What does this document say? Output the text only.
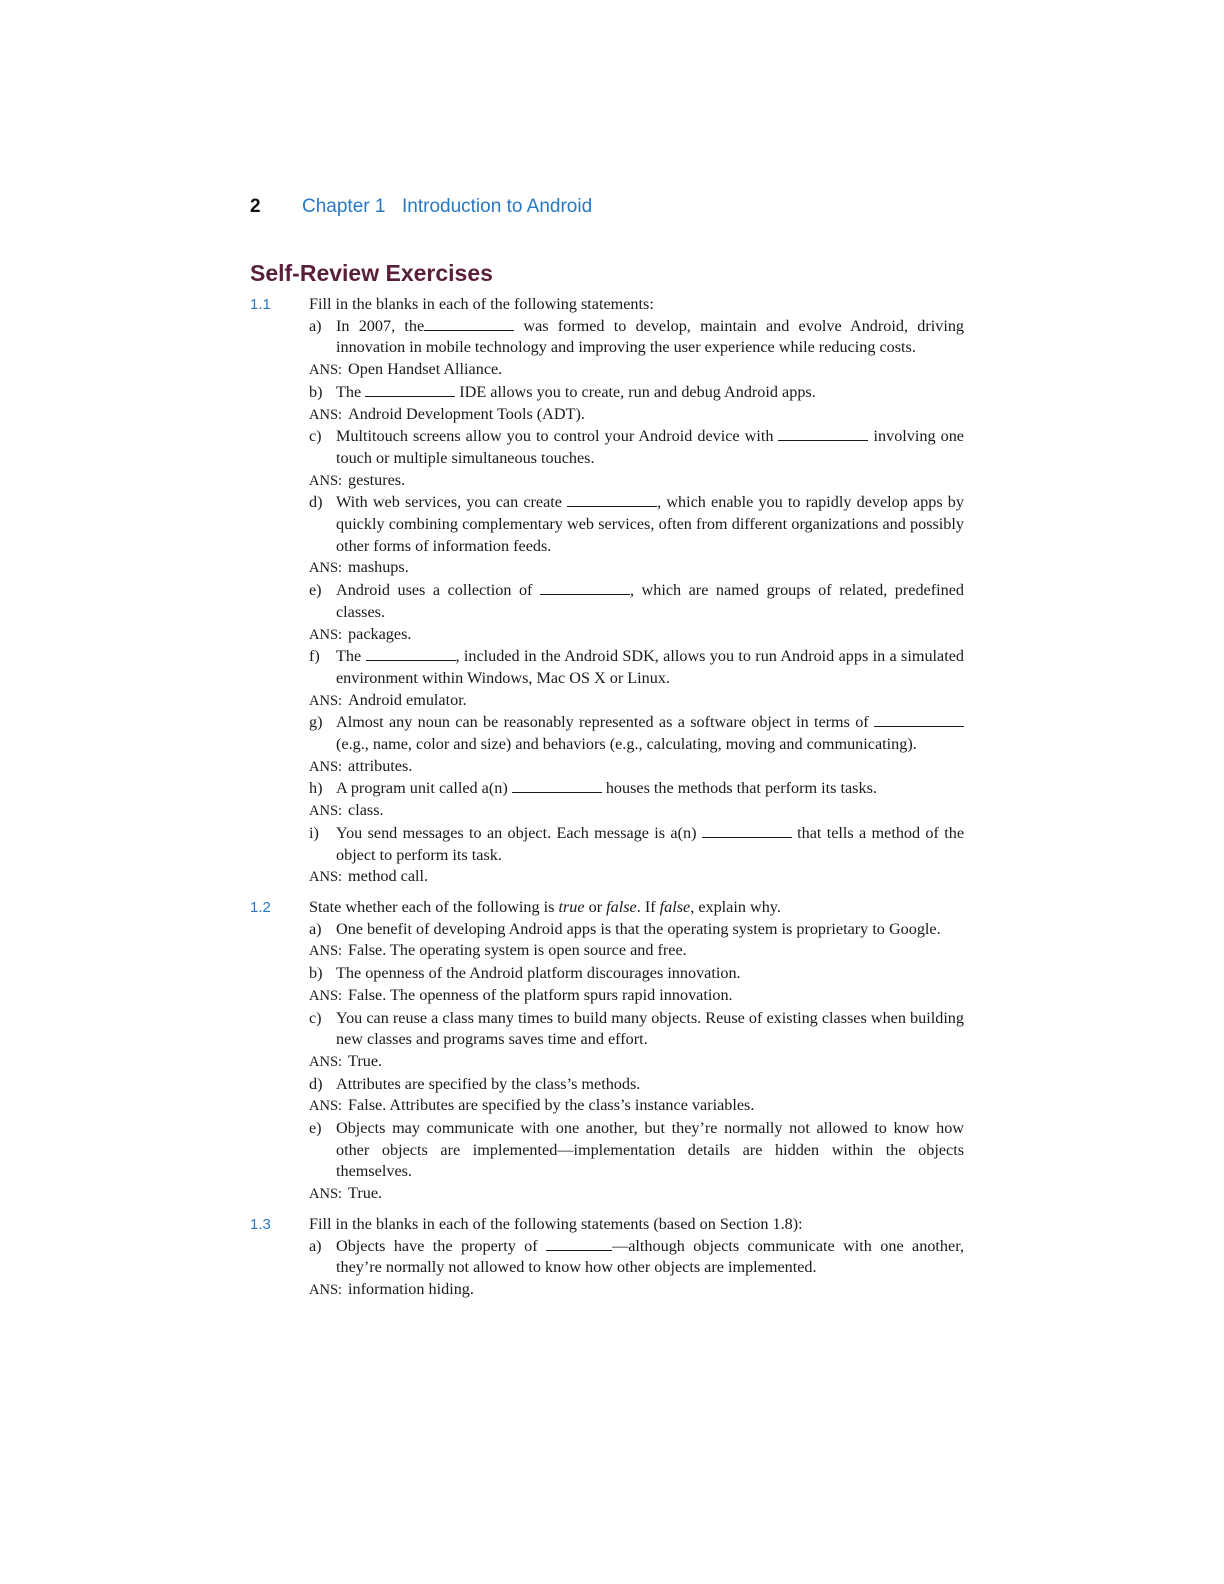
2 Chapter 1 Introduction to Android
Self-Review Exercises
1.1 Fill in the blanks in each of the following statements:
a) In 2007, the	was formed to develop, maintain and evolve Android, driving innovation in mobile technology and improving the user experience while reducing costs.
ANS: Open Handset Alliance.
b) The	IDE allows you to create, run and debug Android apps.
ANS: Android Development Tools (ADT).
c) Multitouch screens allow you to control your Android device with	involving one touch or multiple simultaneous touches.
ANS: gestures.
d) With web services, you can create	, which enable you to rapidly develop apps by quickly combining complementary web services, often from different organizations and possibly other forms of information feeds.
ANS: mashups.
e) Android uses a collection of	, which are named groups of related, predefined classes.
ANS: packages.
f) The	, included in the Android SDK, allows you to run Android apps in a simulated environment within Windows, Mac OS X or Linux.
ANS: Android emulator.
g) Almost any noun can be reasonably represented as a software object in terms of  (e.g., name, color and size) and behaviors (e.g., calculating, moving and communicating).
ANS: attributes.
h) A program unit called a(n)	houses the methods that perform its tasks.
ANS: class.
i) You send messages to an object. Each message is a(n)	that tells a method of the object to perform its task.
ANS: method call.
1.2 State whether each of the following is true or false. If false, explain why.
a) One benefit of developing Android apps is that the operating system is proprietary to Google.
ANS: False. The operating system is open source and free.
b) The openness of the Android platform discourages innovation.
ANS: False. The openness of the platform spurs rapid innovation.
c) You can reuse a class many times to build many objects. Reuse of existing classes when building new classes and programs saves time and effort.
ANS: True.
d) Attributes are specified by the class’s methods.
ANS: False. Attributes are specified by the class’s instance variables.
e) Objects may communicate with one another, but they’re normally not allowed to know how other objects are implemented—implementation details are hidden within the objects themselves.
ANS: True.
1.3 Fill in the blanks in each of the following statements (based on Section 1.8):
a) Objects have the property of	—although objects communicate with one another, they’re normally not allowed to know how other objects are implemented.
ANS: information hiding.
